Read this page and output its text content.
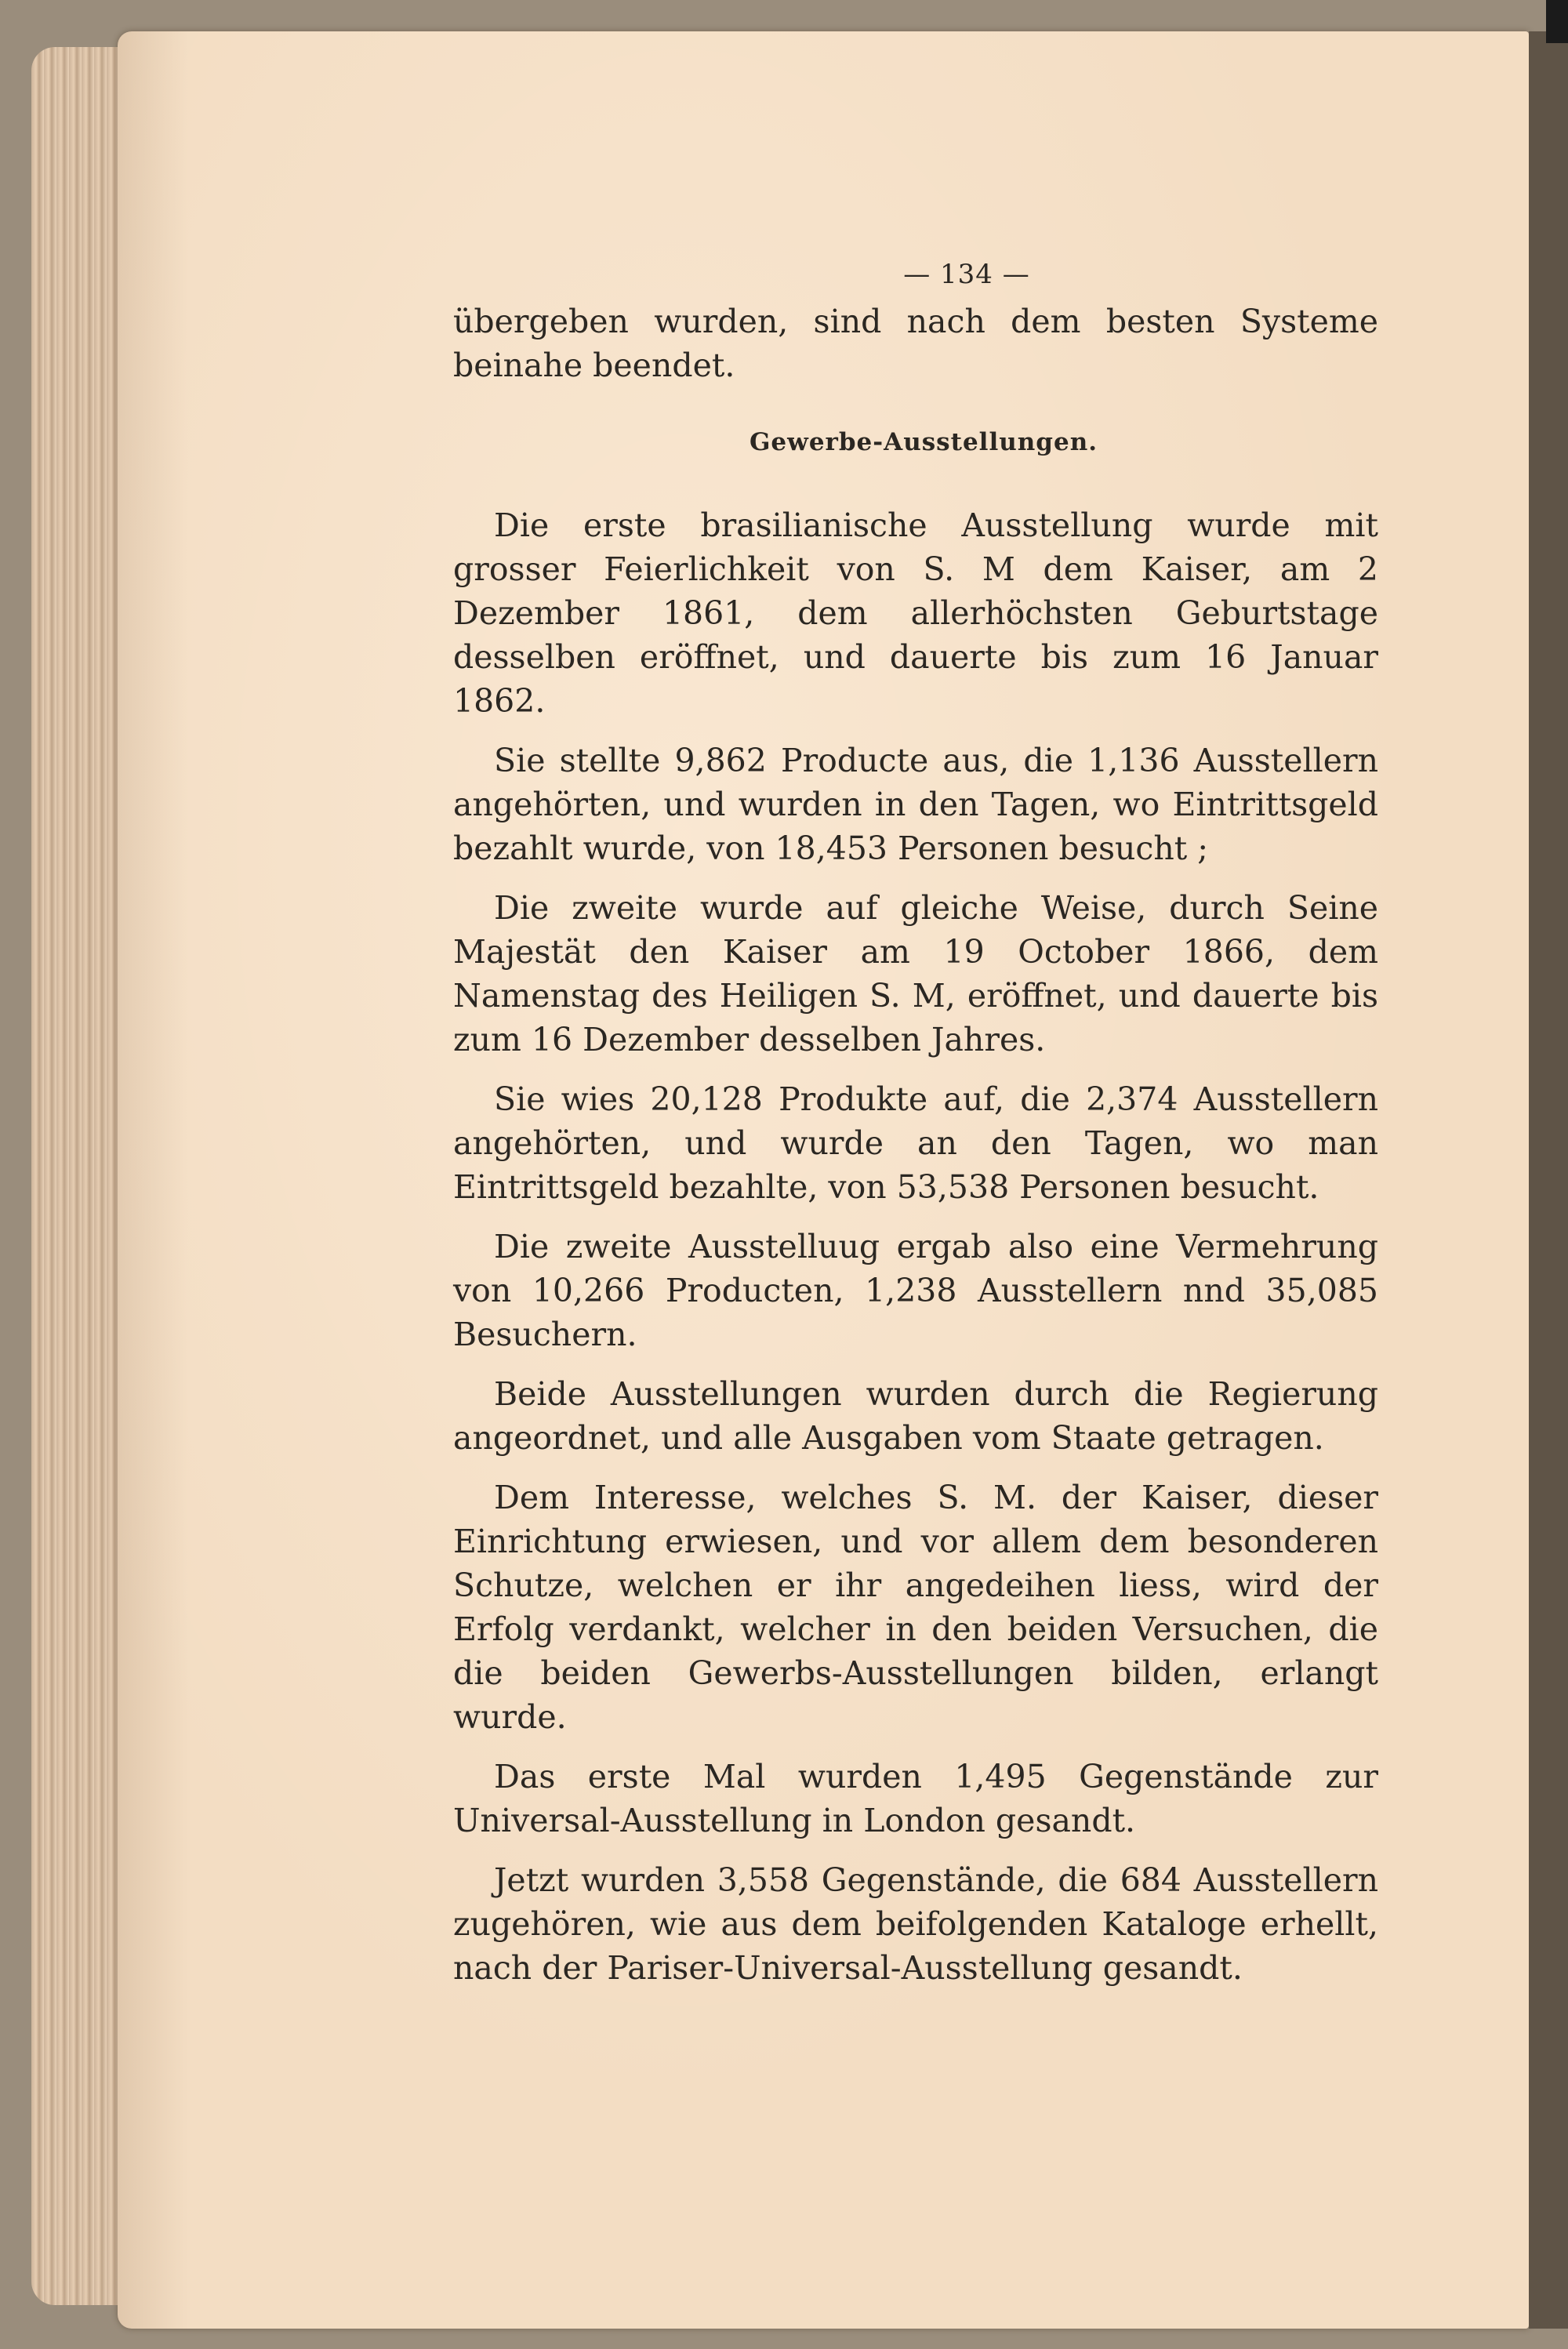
— 134 —

übergeben wurden, sind nach dem besten Systeme beinahe beendet.

Gewerbe-Ausstellungen.

Die erste brasilianische Ausstellung wurde mit grosser Feierlichkeit von S. M dem Kaiser, am 2 Dezember 1861, dem allerhöchsten Geburtstage desselben eröffnet, und dauerte bis zum 16 Januar 1862.

Sie stellte 9,862 Producte aus, die 1,136 Ausstellern angehörten, und wurden in den Tagen, wo Eintrittsgeld bezahlt wurde, von 18,453 Personen besucht ;

Die zweite wurde auf gleiche Weise, durch Seine Majestät den Kaiser am 19 October 1866, dem Namenstag des Heiligen S. M, eröffnet, und dauerte bis zum 16 Dezember desselben Jahres.

Sie wies 20,128 Produkte auf, die 2,374 Ausstellern angehörten, und wurde an den Tagen, wo man Eintrittsgeld bezahlte, von 53,538 Personen besucht.

Die zweite Ausstelluug ergab also eine Vermehrung von 10,266 Producten, 1,238 Ausstellern nnd 35,085 Besuchern.

Beide Ausstellungen wurden durch die Regierung angeordnet, und alle Ausgaben vom Staate getragen.

Dem Interesse, welches S. M. der Kaiser, dieser Einrichtung erwiesen, und vor allem dem besonderen Schutze, welchen er ihr angedeihen liess, wird der Erfolg verdankt, welcher in den beiden Versuchen, die die beiden Gewerbs-Ausstellungen bilden, erlangt wurde.

Das erste Mal wurden 1,495 Gegenstände zur Universal-Ausstellung in London gesandt.

Jetzt wurden 3,558 Gegenstände, die 684 Ausstellern zugehören, wie aus dem beifolgenden Kataloge erhellt, nach der Pariser-Universal-Ausstellung gesandt.
